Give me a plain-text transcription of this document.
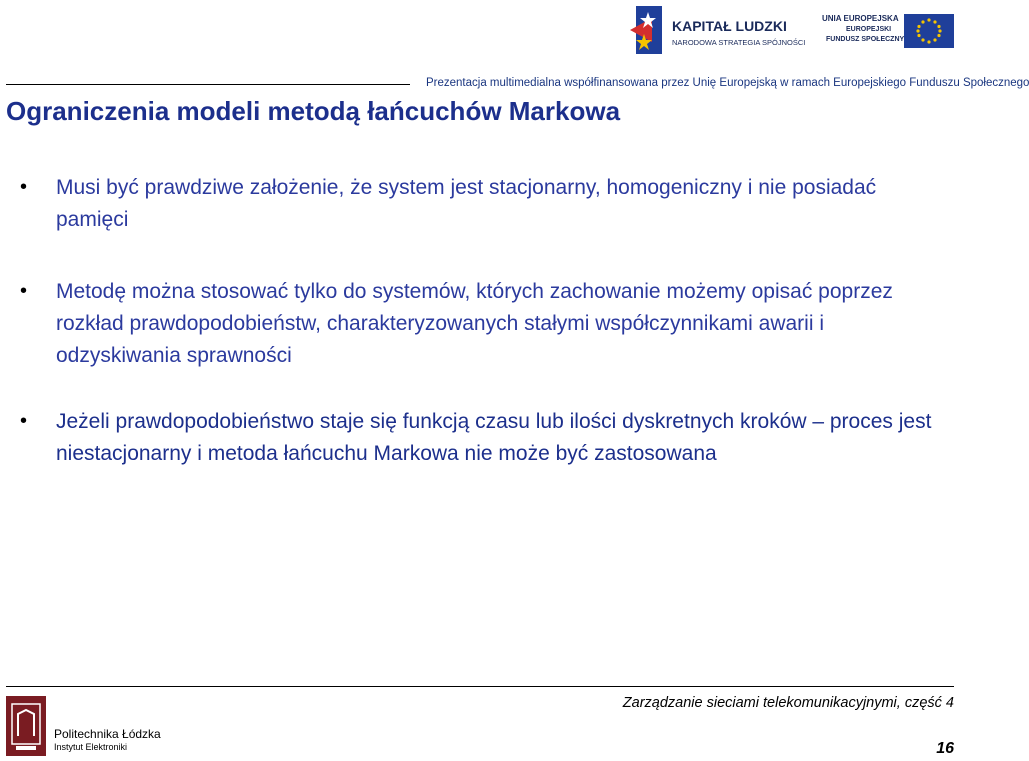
KAPITAŁ LUDZKI
NARODOWA STRATEGIA SPÓJNOŚCI
UNIA EUROPEJSKA
EUROPEJSKI
FUNDUSZ SPOŁECZNY
Prezentacja multimedialna współfinansowana przez Unię Europejską w ramach Europejskiego Funduszu Społecznego
Ograniczenia modeli metodą łańcuchów Markowa
• Musi być prawdziwe założenie, że system jest stacjonarny, homogeniczny i nie posiadać pamięci
• Metodę można stosować tylko do systemów, których zachowanie możemy opisać poprzez rozkład prawdopodobieństw, charakteryzowanych stałymi współczynnikami awarii i odzyskiwania sprawności
• Jeżeli prawdopodobieństwo staje się funkcją czasu lub ilości dyskretnych kroków – proces jest niestacjonarny i metoda łańcuchu Markowa nie może być zastosowana
Politechnika Łódzka
Instytut Elektroniki
Zarządzanie sieciami telekomunikacyjnymi, część 4
16
